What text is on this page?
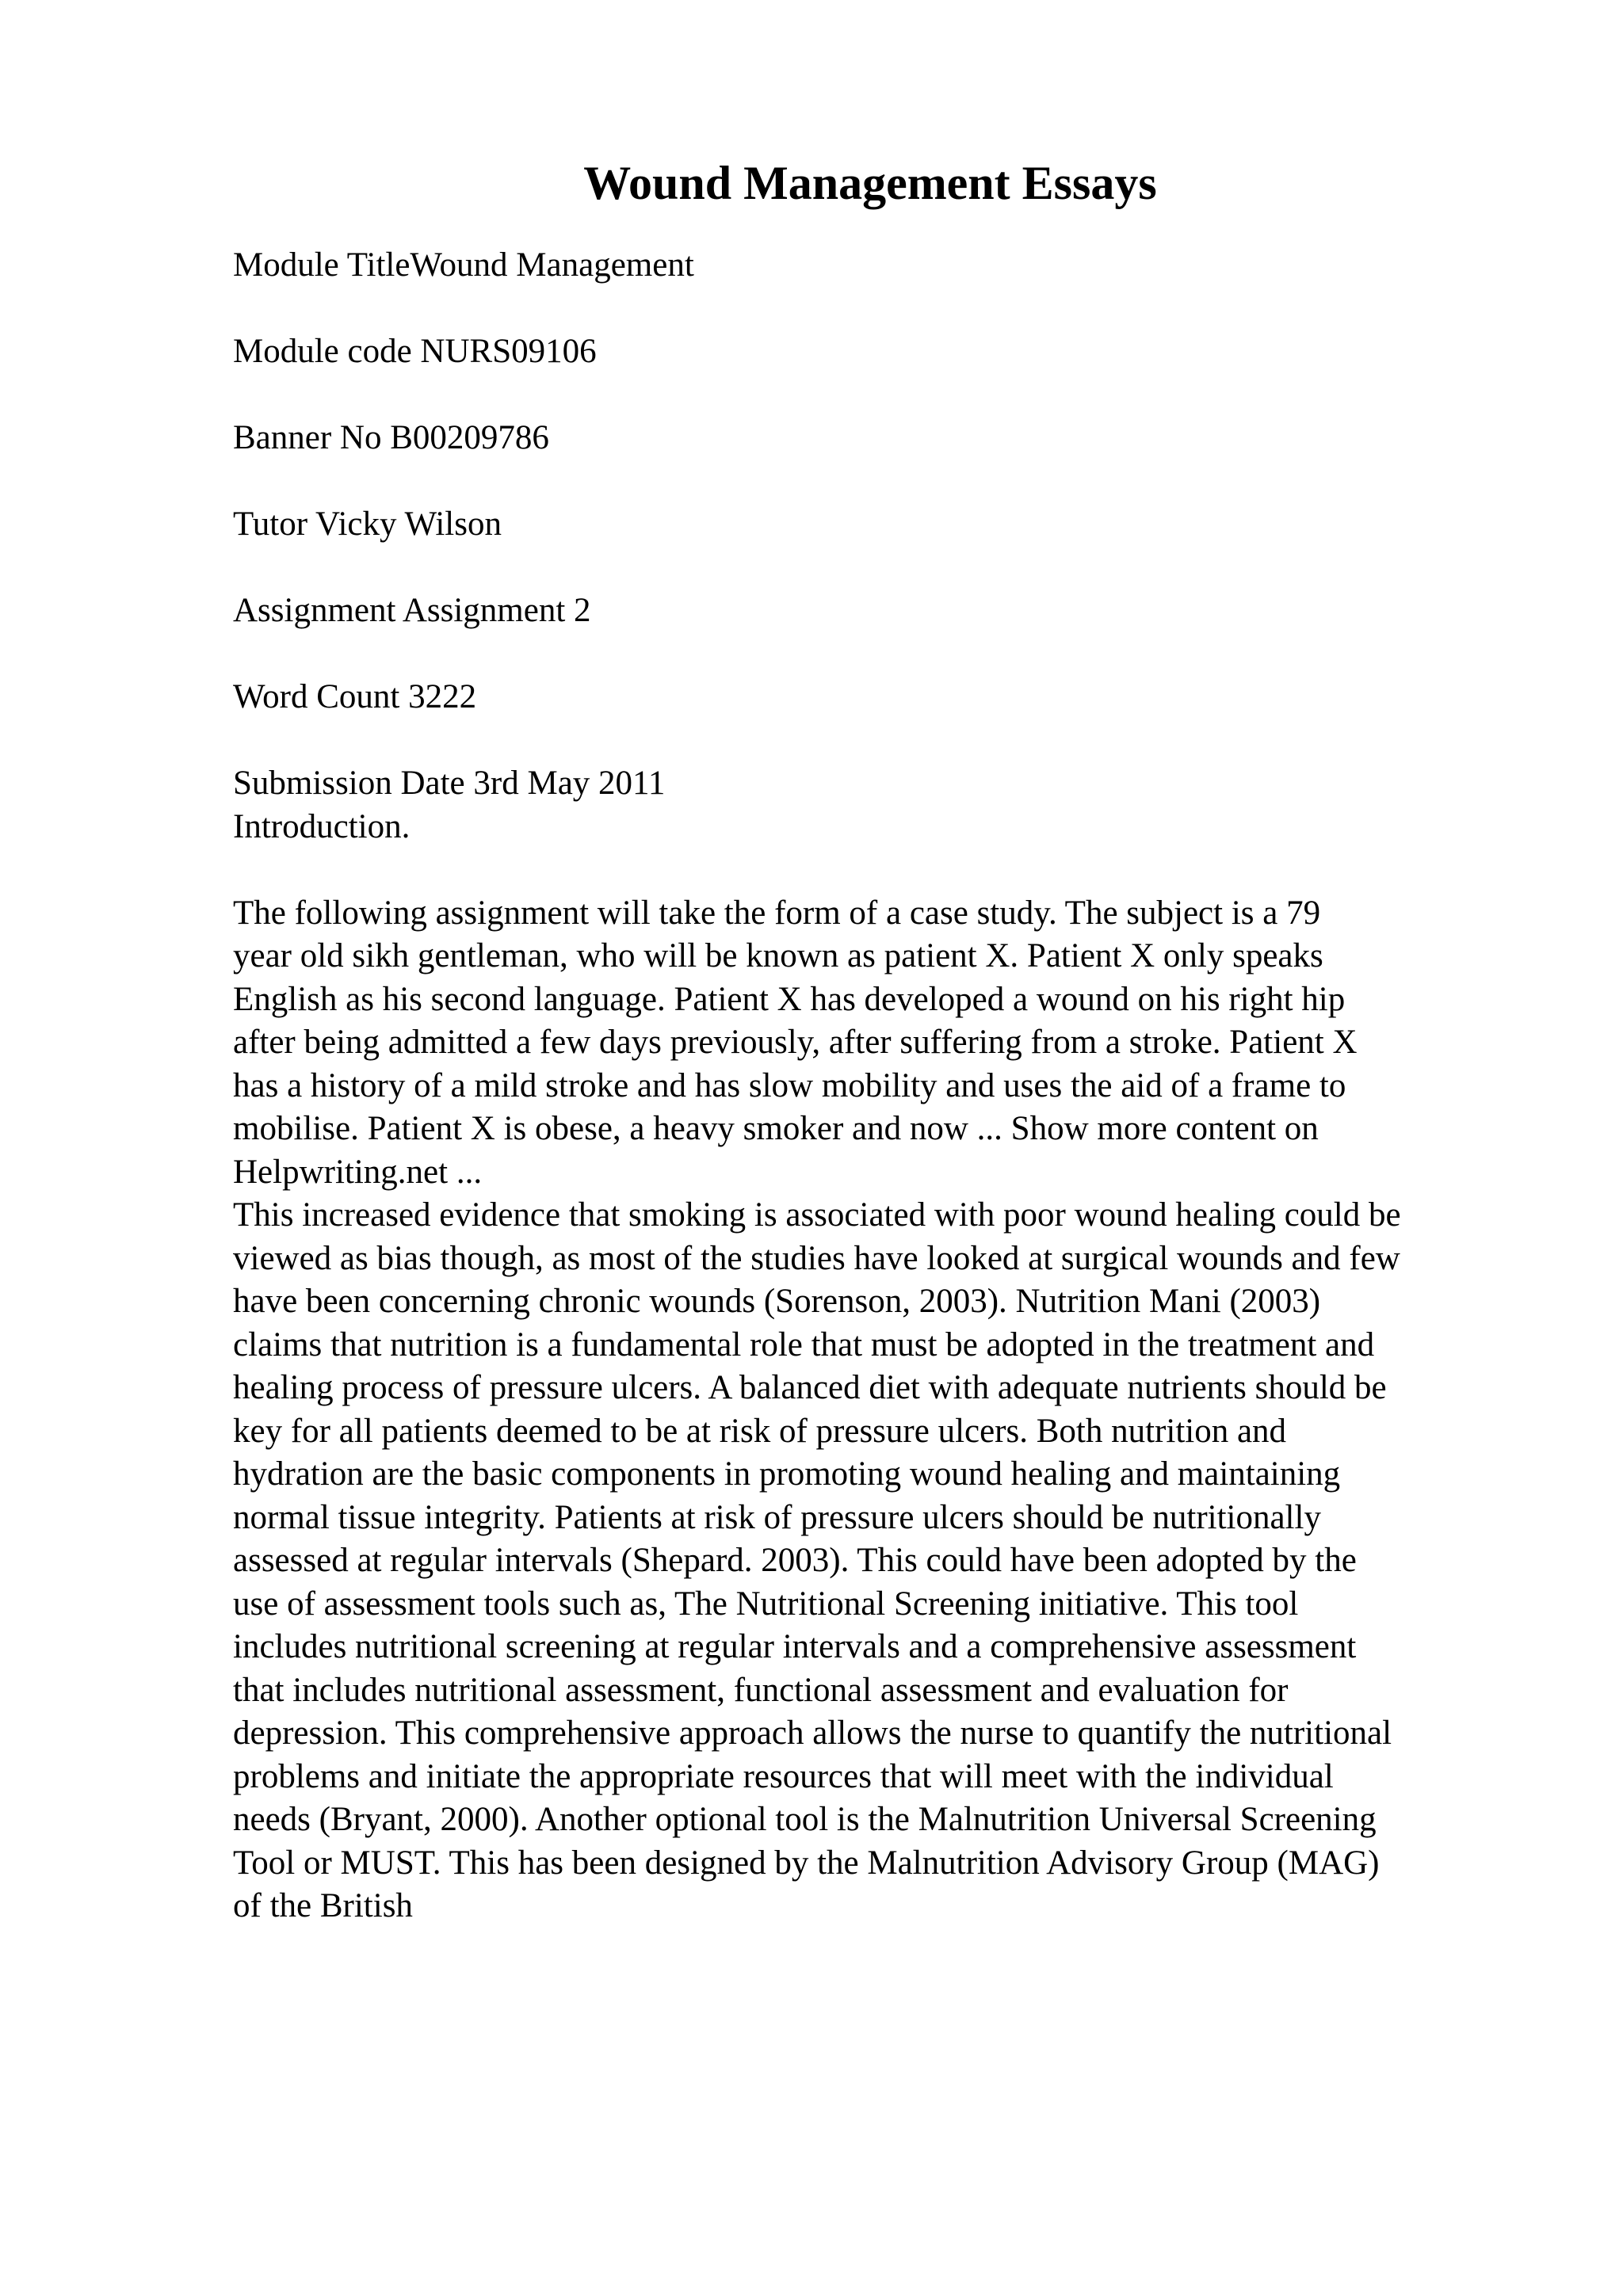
Wound Management Essays

Module TitleWound Management

Module code NURS09106

Banner No B00209786

Tutor Vicky Wilson

Assignment Assignment 2

Word Count 3222

Submission Date 3rd May 2011

Introduction.

The following assignment will take the form of a case study. The subject is a 79
year old sikh gentleman, who will be known as patient X. Patient X only speaks
English as his second language. Patient X has developed a wound on his right hip
after being admitted a few days previously, after suffering from a stroke. Patient X
has a history of a mild stroke and has slow mobility and uses the aid of a frame to
mobilise. Patient X is obese, a heavy smoker and now ... Show more content on
Helpwriting.net ...

This increased evidence that smoking is associated with poor wound healing could be
viewed as bias though, as most of the studies have looked at surgical wounds and few
have been concerning chronic wounds (Sorenson, 2003). Nutrition Mani (2003)
claims that nutrition is a fundamental role that must be adopted in the treatment and
healing process of pressure ulcers. A balanced diet with adequate nutrients should be
key for all patients deemed to be at risk of pressure ulcers. Both nutrition and
hydration are the basic components in promoting wound healing and maintaining
normal tissue integrity. Patients at risk of pressure ulcers should be nutritionally
assessed at regular intervals (Shepard. 2003). This could have been adopted by the
use of assessment tools such as, The Nutritional Screening initiative. This tool
includes nutritional screening at regular intervals and a comprehensive assessment
that includes nutritional assessment, functional assessment and evaluation for
depression. This comprehensive approach allows the nurse to quantify the nutritional
problems and initiate the appropriate resources that will meet with the individual
needs (Bryant, 2000). Another optional tool is the Malnutrition Universal Screening
Tool or MUST. This has been designed by the Malnutrition Advisory Group (MAG)
of the British
